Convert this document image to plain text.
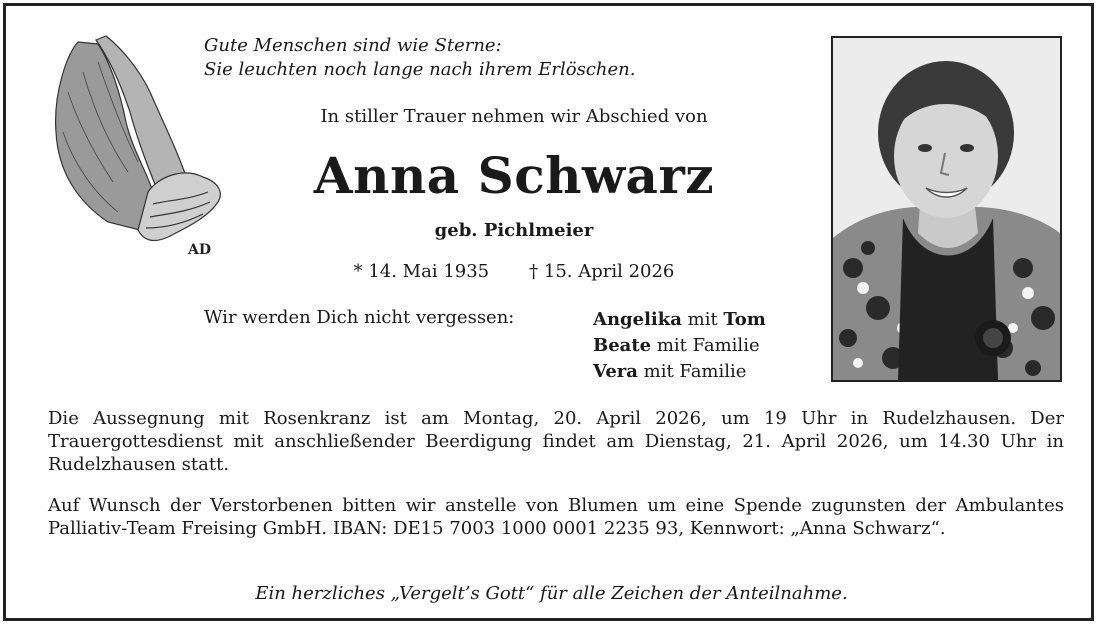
AD
Gute Menschen sind wie Sterne:
Sie leuchten noch lange nach ihrem Erlöschen.
In stiller Trauer nehmen wir Abschied von
Anna Schwarz
geb. Pichlmeier
* 14. Mai 1935 † 15. April 2026
Wir werden Dich nicht vergessen:	Angelika mit Tom
Beate mit Familie
Vera mit Familie
Die Aussegnung mit Rosenkranz ist am Montag, 20. April 2026, um 19 Uhr in Rudelzhausen. Der Trauergottesdienst mit anschließender Beerdigung findet am Dienstag, 21. April 2026, um 14.30 Uhr in Rudelzhausen statt.
Auf Wunsch der Verstorbenen bitten wir anstelle von Blumen um eine Spende zugunsten der Ambulantes Palliativ-Team Freising GmbH. IBAN: DE15 7003 1000 0001 2235 93, Kennwort: „Anna Schwarz“.
Ein herzliches „Vergelt’s Gott“ für alle Zeichen der Anteilnahme.
